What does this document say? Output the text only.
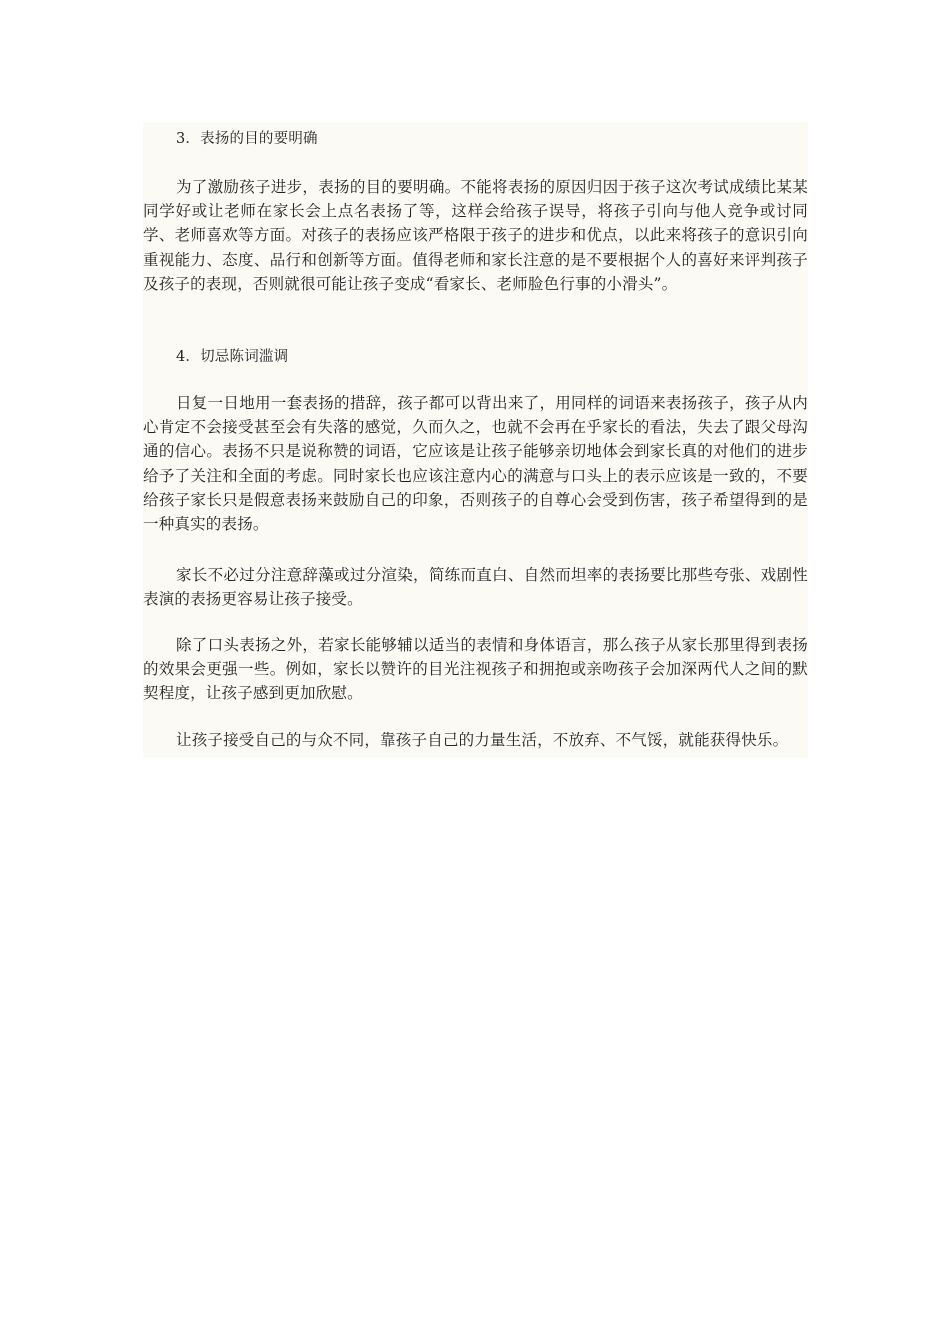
3．表扬的目的要明确

为了激励孩子进步，表扬的目的要明确。不能将表扬的原因归因于孩子这次考试成绩比某某同学好或让老师在家长会上点名表扬了等，这样会给孩子误导，将孩子引向与他人竞争或讨同学、老师喜欢等方面。对孩子的表扬应该严格限于孩子的进步和优点，以此来将孩子的意识引向重视能力、态度、品行和创新等方面。值得老师和家长注意的是不要根据个人的喜好来评判孩子及孩子的表现，否则就很可能让孩子变成“看家长、老师脸色行事的小滑头”。

4．切忌陈词滥调

日复一日地用一套表扬的措辞，孩子都可以背出来了，用同样的词语来表扬孩子，孩子从内心肯定不会接受甚至会有失落的感觉，久而久之，也就不会再在乎家长的看法，失去了跟父母沟通的信心。表扬不只是说称赞的词语，它应该是让孩子能够亲切地体会到家长真的对他们的进步给予了关注和全面的考虑。同时家长也应该注意内心的满意与口头上的表示应该是一致的，不要给孩子家长只是假意表扬来鼓励自己的印象，否则孩子的自尊心会受到伤害，孩子希望得到的是一种真实的表扬。

家长不必过分注意辞藻或过分渲染，简练而直白、自然而坦率的表扬要比那些夸张、戏剧性表演的表扬更容易让孩子接受。

除了口头表扬之外，若家长能够辅以适当的表情和身体语言，那么孩子从家长那里得到表扬的效果会更强一些。例如，家长以赞许的目光注视孩子和拥抱或亲吻孩子会加深两代人之间的默契程度，让孩子感到更加欣慰。

让孩子接受自己的与众不同，靠孩子自己的力量生活，不放弃、不气馁，就能获得快乐。
